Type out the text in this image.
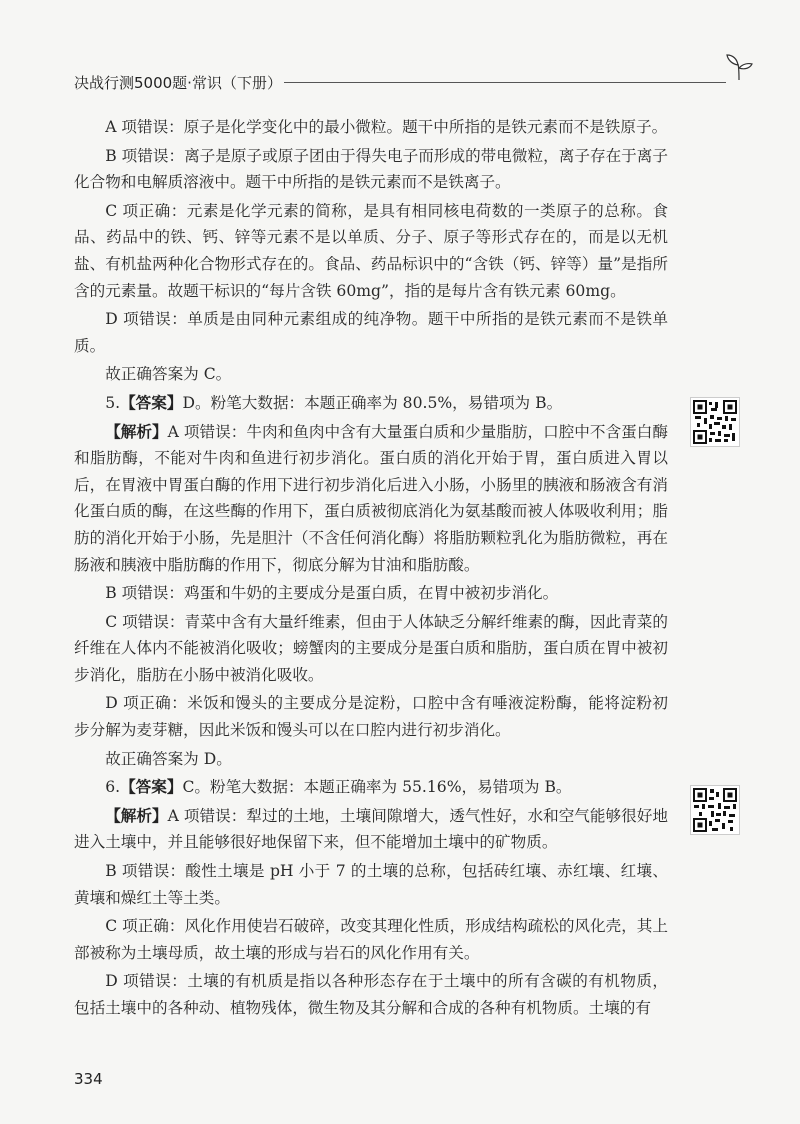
决战行测5000题·常识（下册）

A 项错误：原子是化学变化中的最小微粒。题干中所指的是铁元素而不是铁原子。

B 项错误：离子是原子或原子团由于得失电子而形成的带电微粒，离子存在于离子化合物和电解质溶液中。题干中所指的是铁元素而不是铁离子。

C 项正确：元素是化学元素的简称，是具有相同核电荷数的一类原子的总称。食品、药品中的铁、钙、锌等元素不是以单质、分子、原子等形式存在的，而是以无机盐、有机盐两种化合物形式存在的。食品、药品标识中的“含铁（钙、锌等）量”是指所含的元素量。故题干标识的“每片含铁 60mg”，指的是每片含有铁元素 60mg。

D 项错误：单质是由同种元素组成的纯净物。题干中所指的是铁元素而不是铁单质。

故正确答案为 C。

5.【答案】D。粉笔大数据：本题正确率为 80.5%，易错项为 B。

【解析】A 项错误：牛肉和鱼肉中含有大量蛋白质和少量脂肪，口腔中不含蛋白酶和脂肪酶，不能对牛肉和鱼进行初步消化。蛋白质的消化开始于胃，蛋白质进入胃以后，在胃液中胃蛋白酶的作用下进行初步消化后进入小肠，小肠里的胰液和肠液含有消化蛋白质的酶，在这些酶的作用下，蛋白质被彻底消化为氨基酸而被人体吸收利用；脂肪的消化开始于小肠，先是胆汁（不含任何消化酶）将脂肪颗粒乳化为脂肪微粒，再在肠液和胰液中脂肪酶的作用下，彻底分解为甘油和脂肪酸。

B 项错误：鸡蛋和牛奶的主要成分是蛋白质，在胃中被初步消化。

C 项错误：青菜中含有大量纤维素，但由于人体缺乏分解纤维素的酶，因此青菜的纤维在人体内不能被消化吸收；螃蟹肉的主要成分是蛋白质和脂肪，蛋白质在胃中被初步消化，脂肪在小肠中被消化吸收。

D 项正确：米饭和馒头的主要成分是淀粉，口腔中含有唾液淀粉酶，能将淀粉初步分解为麦芽糖，因此米饭和馒头可以在口腔内进行初步消化。

故正确答案为 D。

6.【答案】C。粉笔大数据：本题正确率为 55.16%，易错项为 B。

【解析】A 项错误：犁过的土地，土壤间隙增大，透气性好，水和空气能够很好地进入土壤中，并且能够很好地保留下来，但不能增加土壤中的矿物质。

B 项错误：酸性土壤是 pH 小于 7 的土壤的总称，包括砖红壤、赤红壤、红壤、黄壤和燥红土等土类。

C 项正确：风化作用使岩石破碎，改变其理化性质，形成结构疏松的风化壳，其上部被称为土壤母质，故土壤的形成与岩石的风化作用有关。

D 项错误：土壤的有机质是指以各种形态存在于土壤中的所有含碳的有机物质，包括土壤中的各种动、植物残体，微生物及其分解和合成的各种有机物质。土壤的有

334
